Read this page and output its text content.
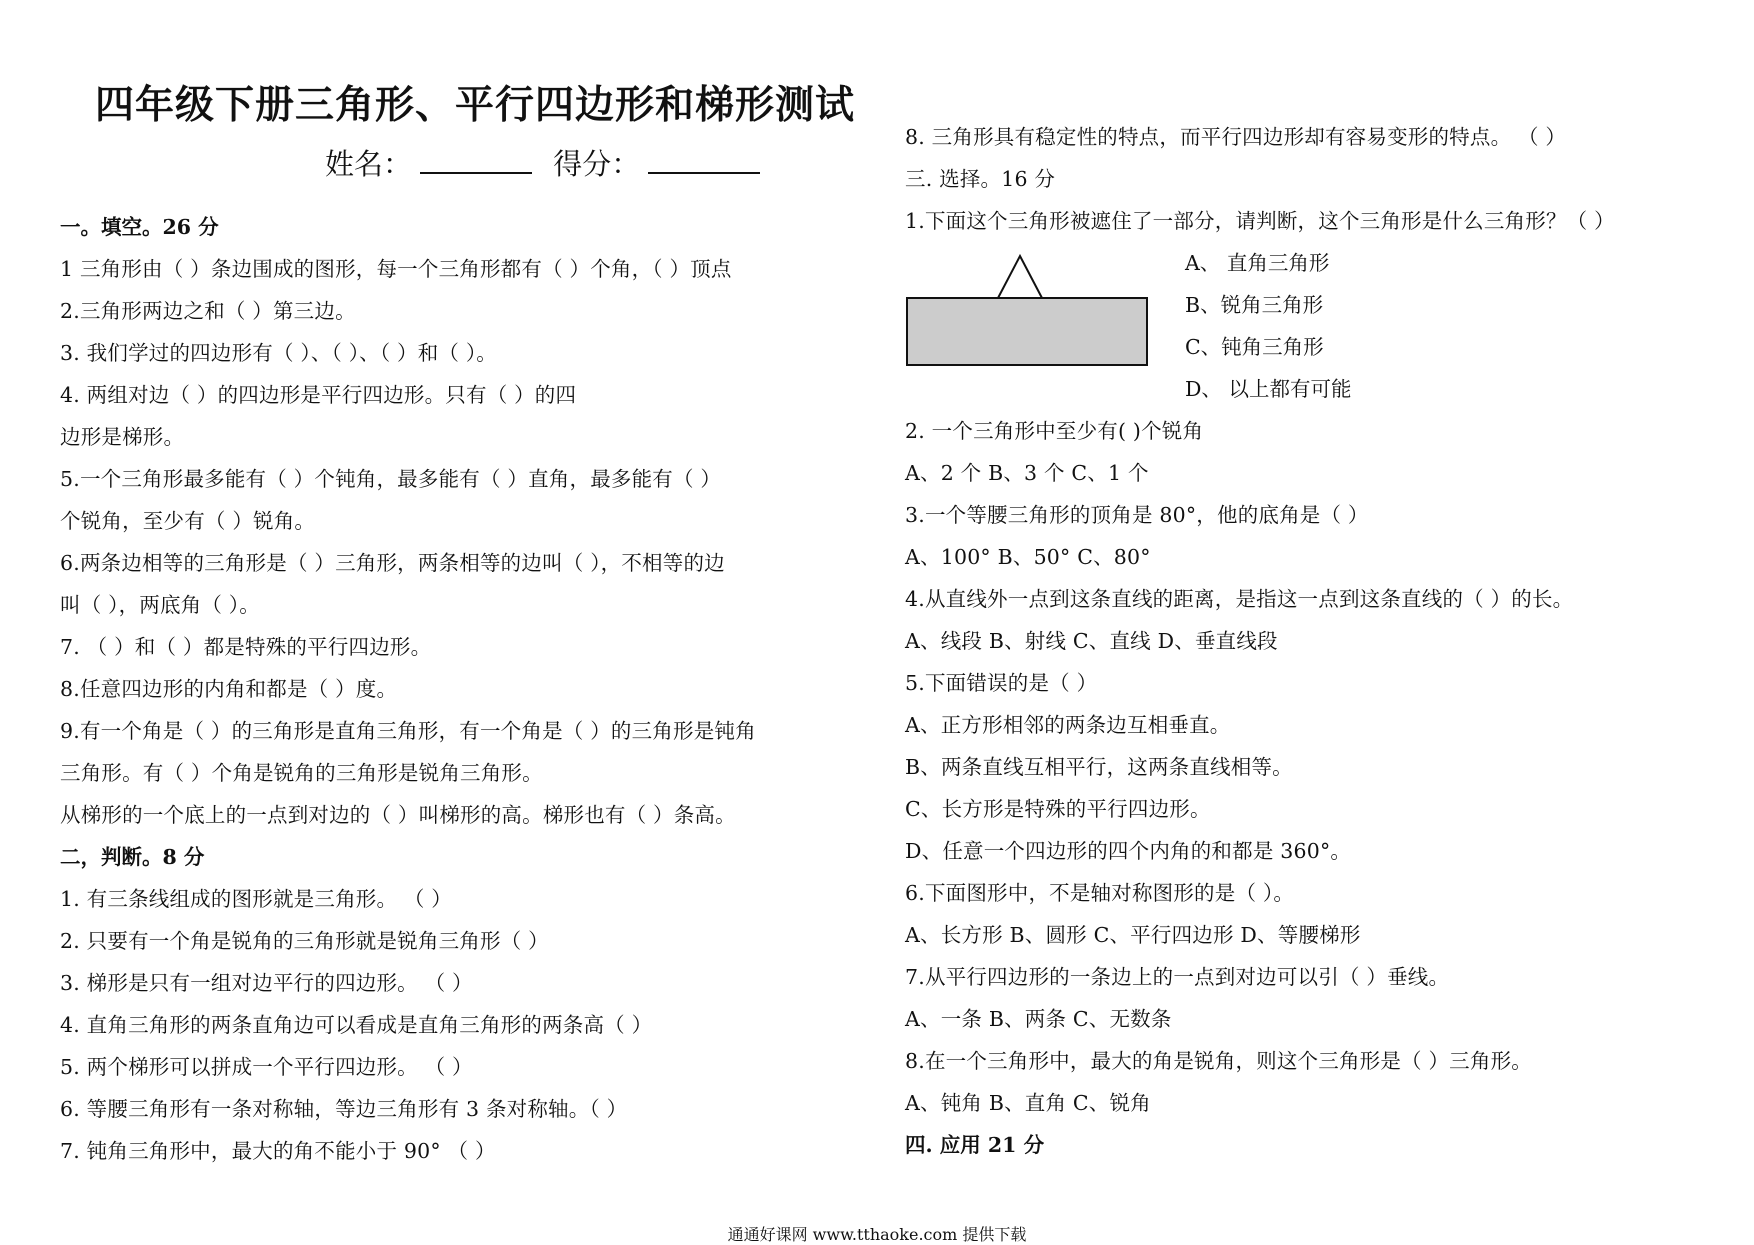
四年级下册三角形、平行四边形和梯形测试
姓名：	得分：
一。填空。26 分
1 三角形由（ ）条边围成的图形，每一个三角形都有（ ）个角，（ ）顶点
2.三角形两边之和（ ）第三边。
3. 我们学过的四边形有（ ）、（ ）、（ ）和（ ）。
4. 两组对边（ ）的四边形是平行四边形。只有（ ）的四
边形是梯形。
5.一个三角形最多能有（ ）个钝角，最多能有（ ）直角，最多能有（ ）
个锐角，至少有（ ）锐角。
6.两条边相等的三角形是（ ）三角形，两条相等的边叫（ ），不相等的边
叫（ ），两底角（ ）。
7. （ ）和（ ）都是特殊的平行四边形。
8.任意四边形的内角和都是（ ）度。
9.有一个角是（ ）的三角形是直角三角形，有一个角是（ ）的三角形是钝角
三角形。有（ ）个角是锐角的三角形是锐角三角形。
从梯形的一个底上的一点到对边的（ ）叫梯形的高。梯形也有（ ）条高。
二，判断。8 分
1. 有三条线组成的图形就是三角形。 （ ）
2. 只要有一个角是锐角的三角形就是锐角三角形（ ）
3. 梯形是只有一组对边平行的四边形。 （ ）
4. 直角三角形的两条直角边可以看成是直角三角形的两条高（ ）
5. 两个梯形可以拼成一个平行四边形。 （ ）
6. 等腰三角形有一条对称轴，等边三角形有 3 条对称轴。（ ）
7. 钝角三角形中，最大的角不能小于 90° （ ）
8. 三角形具有稳定性的特点，而平行四边形却有容易变形的特点。 （ ）
三. 选择。16 分
1.下面这个三角形被遮住了一部分，请判断，这个三角形是什么三角形？（ ）
A、 直角三角形
B、锐角三角形
C、钝角三角形
D、 以上都有可能
2. 一个三角形中至少有( )个锐角
A、2 个 B、3 个 C、1 个
3.一个等腰三角形的顶角是 80°，他的底角是（ ）
A、100° B、50° C、80°
4.从直线外一点到这条直线的距离，是指这一点到这条直线的（ ）的长。
A、线段 B、射线 C、直线 D、垂直线段
5.下面错误的是（ ）
A、正方形相邻的两条边互相垂直。
B、两条直线互相平行，这两条直线相等。
C、长方形是特殊的平行四边形。
D、任意一个四边形的四个内角的和都是 360°。
6.下面图形中，不是轴对称图形的是（ ）。
A、长方形 B、圆形 C、平行四边形 D、等腰梯形
7.从平行四边形的一条边上的一点到对边可以引（ ）垂线。
A、一条 B、两条 C、无数条
8.在一个三角形中，最大的角是锐角，则这个三角形是（ ）三角形。
A、钝角 B、直角 C、锐角
四. 应用 21 分
通通好课网 www.tthaoke.com 提供下载
